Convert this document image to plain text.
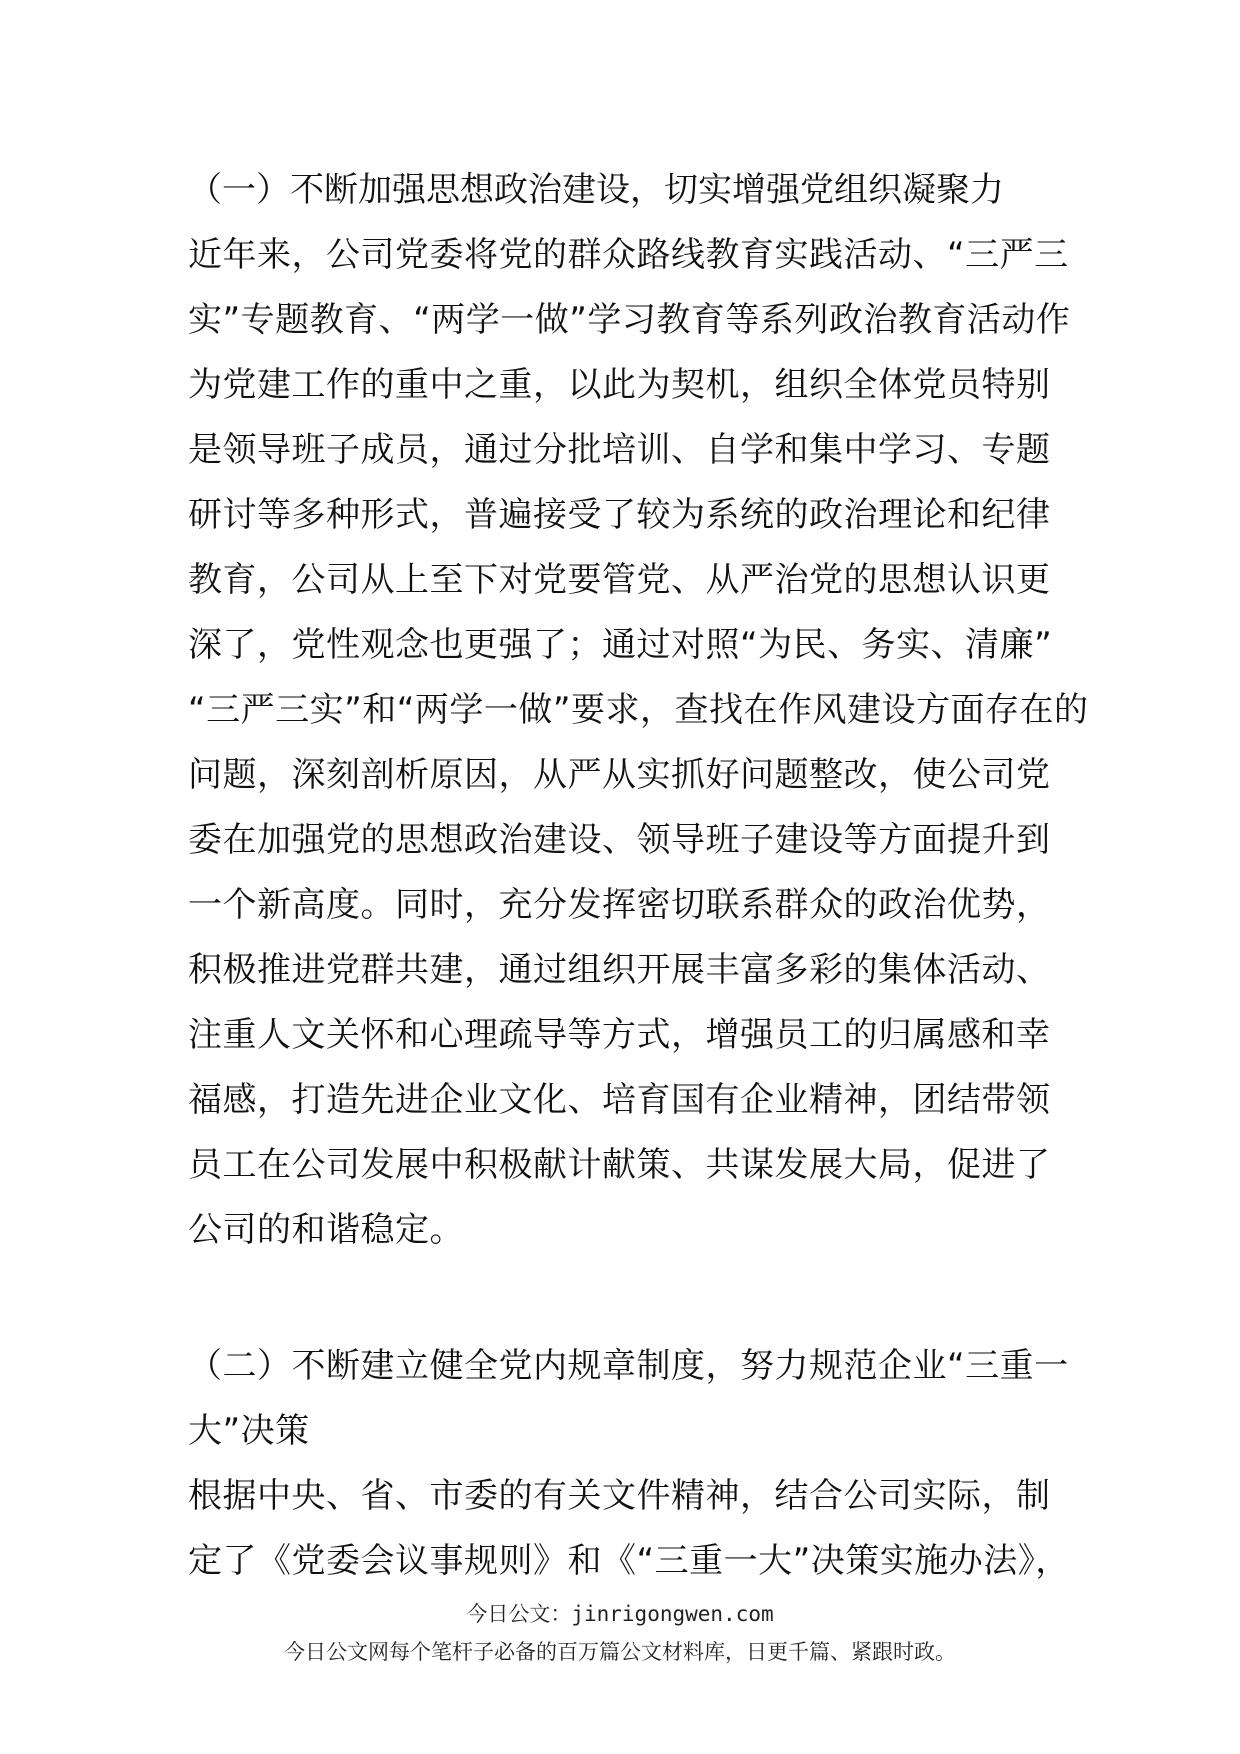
（一）不断加强思想政治建设，切实增强党组织凝聚力
近年来，公司党委将党的群众路线教育实践活动、“三严三
实”专题教育、“两学一做”学习教育等系列政治教育活动作
为党建工作的重中之重，以此为契机，组织全体党员特别
是领导班子成员，通过分批培训、自学和集中学习、专题
研讨等多种形式，普遍接受了较为系统的政治理论和纪律
教育，公司从上至下对党要管党、从严治党的思想认识更
深了，党性观念也更强了；通过对照“为民、务实、清廉”
“三严三实”和“两学一做”要求，查找在作风建设方面存在的
问题，深刻剖析原因，从严从实抓好问题整改，使公司党
委在加强党的思想政治建设、领导班子建设等方面提升到
一个新高度。同时，充分发挥密切联系群众的政治优势，
积极推进党群共建，通过组织开展丰富多彩的集体活动、
注重人文关怀和心理疏导等方式，增强员工的归属感和幸
福感，打造先进企业文化、培育国有企业精神，团结带领
员工在公司发展中积极献计献策、共谋发展大局，促进了
公司的和谐稳定。
（二）不断建立健全党内规章制度，努力规范企业“三重一
大”决策
根据中央、省、市委的有关文件精神，结合公司实际，制
定了《党委会议事规则》和《“三重一大”决策实施办法》，
今日公文：jinrigongwen.com
今日公文网每个笔杆子必备的百万篇公文材料库，日更千篇、紧跟时政。
